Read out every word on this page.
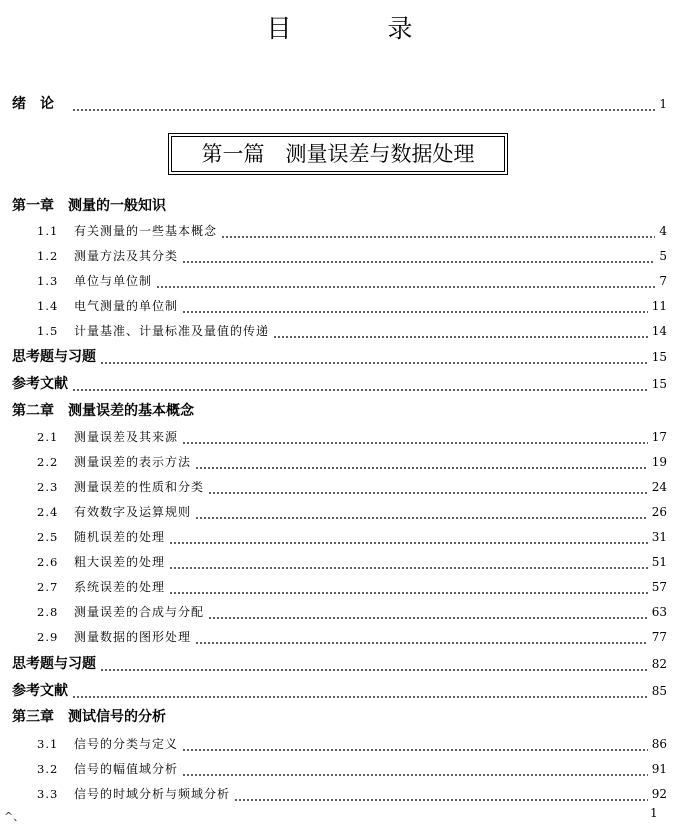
目 录
绪论	1
第一篇　测量误差与数据处理
第一章 测量的一般知识
1.1	有关测量的一些基本概念	4
1.2	测量方法及其分类	5
1.3	单位与单位制	7
1.4	电气测量的单位制	11
1.5	计量基准、计量标准及量值的传递	14
思考题与习题	15
参考文献	15
第二章 测量误差的基本概念
2.1	测量误差及其来源	17
2.2	测量误差的表示方法	19
2.3	测量误差的性质和分类	24
2.4	有效数字及运算规则	26
2.5	随机误差的处理	31
2.6	粗大误差的处理	51
2.7	系统误差的处理	57
2.8	测量误差的合成与分配	63
2.9	测量数据的图形处理	77
思考题与习题	82
参考文献	85
第三章 测试信号的分析
3.1	信号的分类与定义	86
3.2	信号的幅值域分析	91
3.3	信号的时域分析与频域分析	92
^、	1
